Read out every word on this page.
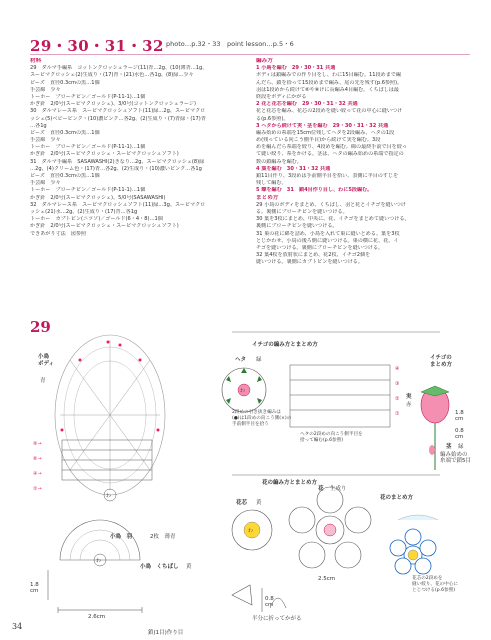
29・30・31・32 photo…p.32・33　point lesson…p.5・6
材料
29　ダルマ手編糸　コットンクロッシェラージ(11)青…2g、(10)薄青…1g、
スーピマクロッシェ(2)生成り・(17)青・(21)水色…各1g、(8)緑…少々
ビーズ　直径0.3cmの黒…1個
手芸綿　少々
トーホー　ブローチピン／ゴールド(P-11-1)…1個
かぎ針　2/0号(スーピマクロッシェ)、3/0号(コットンクロッシェラージ)
30　ダルマレース糸　スーピマクロッシュソフト(11)緑…2g、スーピマクロ
ッシェ(5)ベビーピンク・(10)濃ピンク…各2g、(2)生成り・(7)青緑・(17)青
…各1g
ビーズ　直径0.3cmの黒…1個
手芸綿　少々
トーホー　ブローチピン／ゴールド(P-11-1)…1個
かぎ針　2/0号(スーピマクロッシェ・スーピマクロッシュソフト)
31　ダルマ手編糸　SASAWASHI(2)きなり…2g、スーピマクロッシェ(8)緑
…2g、(4)クリーム色・(17)青…各2g、(2)生成り・(10)濃いピンク…各1g
ビーズ　直径0.3cmの黒…1個
手芸綿　少々
トーホー　ブローチピン／ゴールド(P-11-1)…1個
かぎ針　2/0号(スーピマクロッシェ)、5/0号(SASAWASHI)
32　ダルマレース糸　スーピマクロッシュソフト(11)緑…3g、スーピマクロ
ッシェ(21)水…2g、(2)生成り・(17)青…各1g
トーホー　カブトピン(ニツソ)／ゴールド(6・4・8)…1個
かぎ針　2/0号(スーピマクロッシェ・スーピマクロッシュソフト)
できあがり寸法　図参照
編み方
1 小鳥を編む　29・30・31 共通
ボディは鎖編みでの作り目をし、わに15目編む。11段めまで編
んだら、鎖を拾って15段めまで編み、尾の先を残す(p.6参照)。
羽は1段めから続けて⑥や⑧けに長編み4目編む。くちばしは最
終段をボディにかがる
2 花と花芯を編む　29・30・31・32 共通
花と花芯を編み、花芯の2段めを縫い絞って花の中心に縫いつけ
る(p.6参照)。
3 ヘタから続けて実・茎を編む　29・30・31・32 共通
編み始めの糸端を15cm位残してヘタを2段編み、ヘタの1段
め(残っている向こう側半目)から続けて実を編む。3段
めを編んだら糸端を絞り、4段めを編む。綿の最終手前で目を絞っ
て縫い絞り、糸をかける。茎は、ヘタの編み始めの糸端で指定の
数の鎖編みを編む。
4 葉を編む　30・31・32 共通
鎖11目作り、3段めは手前側半目を拾い、表側に半目のすじを
残して編む。
5 蝶を編む　31　鎖4目作り目し、わに5段編む。
まとめ方
29 小鳥のボディをまとめ、くちばし、羽と花とイチゴを縫いつけ
る。裏側にブローチピンを縫いつける。
30 葉を3枚にまとめ、中央に、花、イチゴをまとめて縫いつける。
裏側にブローチピンを縫いつける。
31 巣の花に綿を詰め、小鳥を入れて巣に縫いとめる。葉を3枚
とじかわせ、小鳥の後ろ側に縫いつける。巣の横に花、花、イ
チゴを縫いつける。裏側にブローチピンを縫いつける。
32 葉4枚を放射状にまとめ、花2枚、イチゴ2個を
縫いつける。裏側にカブトピンを縫いつける。
29
⑧→
⑥→
④→
②→
わ
わ
わ
④
③
②
①
わ
小鳥
ボディ
青
イチゴの編み方とまとめ方
ヘタ 緑
実
赤
イチゴの
まとめ方
1.8
cm
0.8
cm
茎 緑
編み始めの
糸端で鎖5目
2段めの引き抜き編みは
(●)は1段めの向こう側(×)の
手前側半目を拾う
ヘタの2段めの向こう側半目を
拾って編む(p.6参照)
花の編み方とまとめ方
花芯 黄
花 生成り
花のまとめ方
花芯の2段めを
縫い絞り、花の中心に
とじつける(p.6参照)
2.5cm
小鳥　羽	2枚　薄青
小鳥　くちばし 黄
1.8
cm
2.6cm	半分に折ってかがる
0.8
cm
鎖(1目)作り目
34
